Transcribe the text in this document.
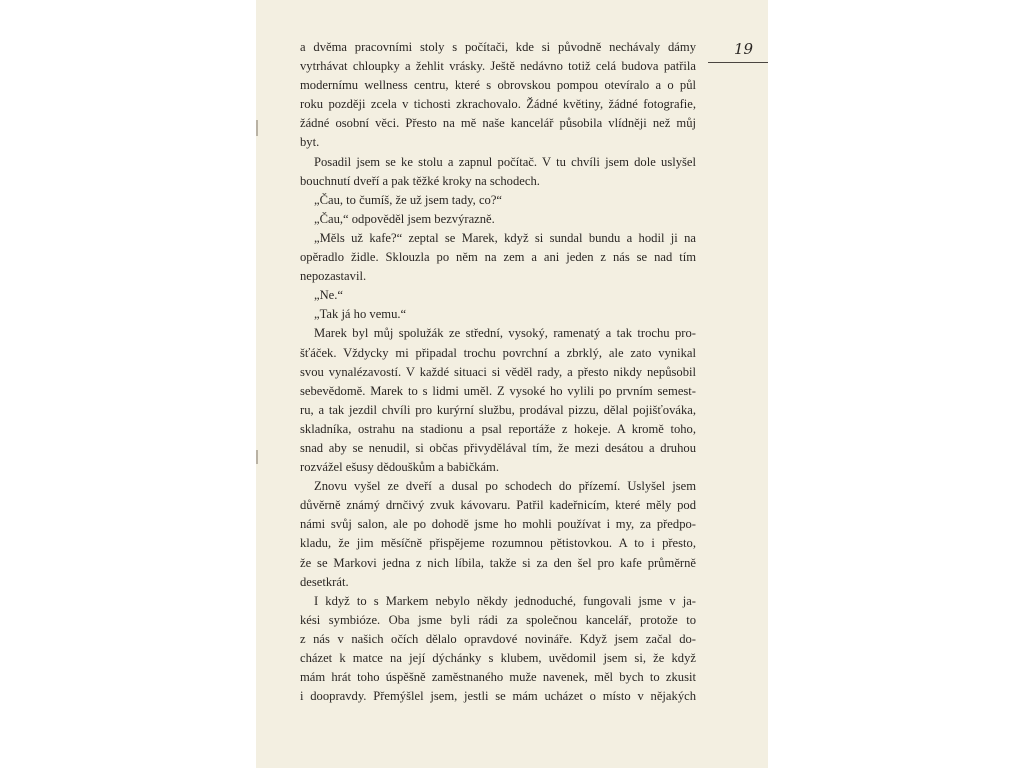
19
a dvěma pracovními stoly s počítači, kde si původně nechávaly dámy
vytrhávat chloupky a žehlit vrásky. Ještě nedávno totiž celá budova patřila
modernímu wellness centru, které s obrovskou pompou otevíralo a o půl
roku později zcela v tichosti zkrachovalo. Žádné květiny, žádné fotografie,
žádné osobní věci. Přesto na mě naše kancelář působila vlídněji než můj
byt.
Posadil jsem se ke stolu a zapnul počítač. V tu chvíli jsem dole uslyšel
bouchnutí dveří a pak těžké kroky na schodech.
„Čau, to čumíš, že už jsem tady, co?“
„Čau,“ odpověděl jsem bezvýrazně.
„Měls už kafe?“ zeptal se Marek, když si sundal bundu a hodil ji na
opěradlo židle. Sklouzla po něm na zem a ani jeden z nás se nad tím
nepozastavil.
„Ne.“
„Tak já ho vemu.“
Marek byl můj spolužák ze střední, vysoký, ramenatý a tak trochu pro-
šťáček. Vždycky mi připadal trochu povrchní a zbrklý, ale zato vynikal
svou vynalézavostí. V každé situaci si věděl rady, a přesto nikdy nepůsobil
sebevědomě. Marek to s lidmi uměl. Z vysoké ho vylili po prvním semest-
ru, a tak jezdil chvíli pro kurýrní službu, prodával pizzu, dělal pojišťováka,
skladníka, ostrahu na stadionu a psal reportáže z hokeje. A kromě toho,
snad aby se nenudil, si občas přivydělával tím, že mezi desátou a druhou
rozvážel ešusy dědouškům a babičkám.
Znovu vyšel ze dveří a dusal po schodech do přízemí. Uslyšel jsem
důvěrně známý drnčivý zvuk kávovaru. Patřil kadeřnicím, které měly pod
námi svůj salon, ale po dohodě jsme ho mohli používat i my, za předpo-
kladu, že jim měsíčně přispějeme rozumnou pětistovkou. A to i přesto,
že se Markovi jedna z nich líbila, takže si za den šel pro kafe průměrně
desetkrát.
I když to s Markem nebylo někdy jednoduché, fungovali jsme v ja-
kési symbióze. Oba jsme byli rádi za společnou kancelář, protože to
z nás v našich očích dělalo opravdové novináře. Když jsem začal do-
cházet k matce na její dýchánky s klubem, uvědomil jsem si, že když
mám hrát toho úspěšně zaměstnaného muže navenek, měl bych to zkusit
i doopravdy. Přemýšlel jsem, jestli se mám ucházet o místo v nějakých
